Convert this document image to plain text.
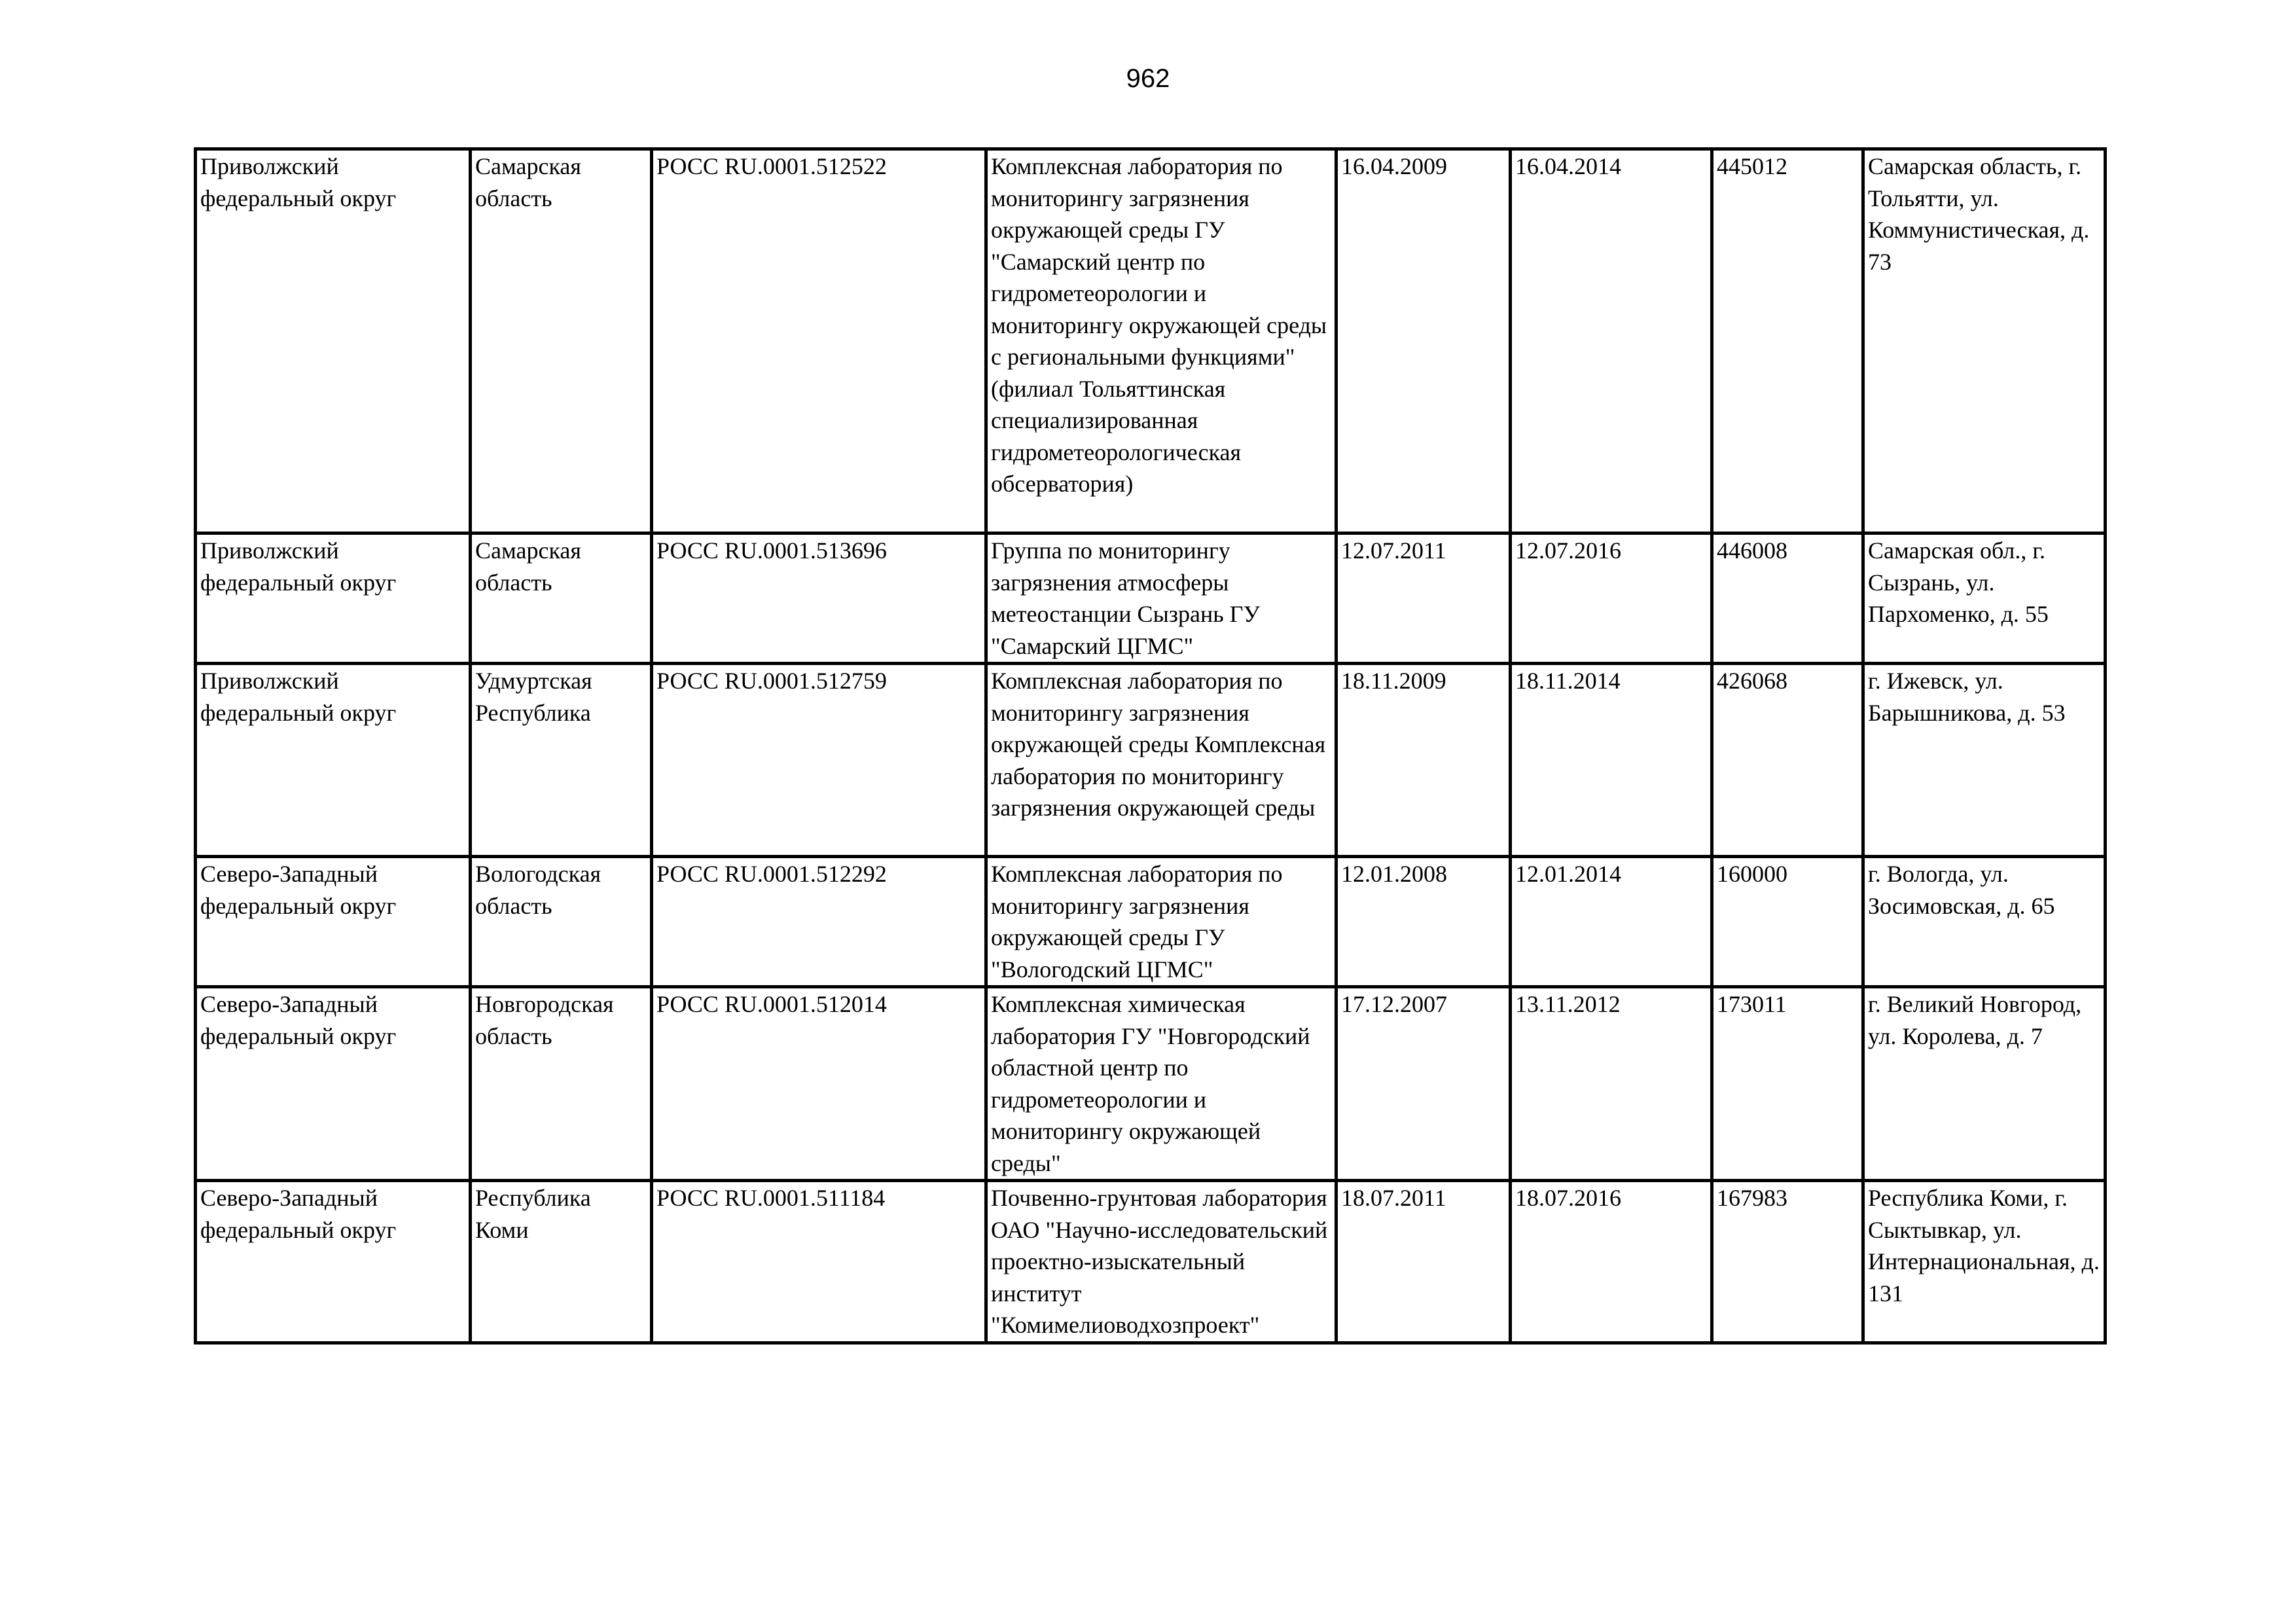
962
Приволжский федеральный округ	Самарская область	РОСС RU.0001.512522	Комплексная лаборатория по мониторингу загрязнения окружающей среды ГУ "Самарский центр по гидрометеорологии и мониторингу окружающей среды с региональными функциями" (филиал Тольяттинская специализированная гидрометеорологическая обсерватория)	16.04.2009	16.04.2014	445012	Самарская область, г. Тольятти, ул. Коммунистическая, д. 73
Приволжский федеральный округ	Самарская область	РОСС RU.0001.513696	Группа по мониторингу загрязнения атмосферы метеостанции Сызрань ГУ "Самарский ЦГМС"	12.07.2011	12.07.2016	446008	Самарская обл., г. Сызрань, ул. Пархоменко, д. 55
Приволжский федеральный округ	Удмуртская Республика	РОСС RU.0001.512759	Комплексная лаборатория по мониторингу загрязнения окружающей среды Комплексная лаборатория по мониторингу загрязнения окружающей среды	18.11.2009	18.11.2014	426068	г. Ижевск, ул. Барышникова, д. 53
Северо-Западный федеральный округ	Вологодская область	РОСС RU.0001.512292	Комплексная лаборатория по мониторингу загрязнения окружающей среды ГУ "Вологодский ЦГМС"	12.01.2008	12.01.2014	160000	г. Вологда, ул. Зосимовская, д. 65
Северо-Западный федеральный округ	Новгородская область	РОСС RU.0001.512014	Комплексная химическая лаборатория ГУ "Новгородский областной центр по гидрометеорологии и мониторингу окружающей среды"	17.12.2007	13.11.2012	173011	г. Великий Новгород, ул. Королева, д. 7
Северо-Западный федеральный округ	Республика Коми	РОСС RU.0001.511184	Почвенно-грунтовая лаборатория ОАО "Научно-исследовательский проектно-изыскательный институт "Комимелиоводхозпроект"	18.07.2011	18.07.2016	167983	Республика Коми, г. Сыктывкар, ул. Интернациональная, д. 131
